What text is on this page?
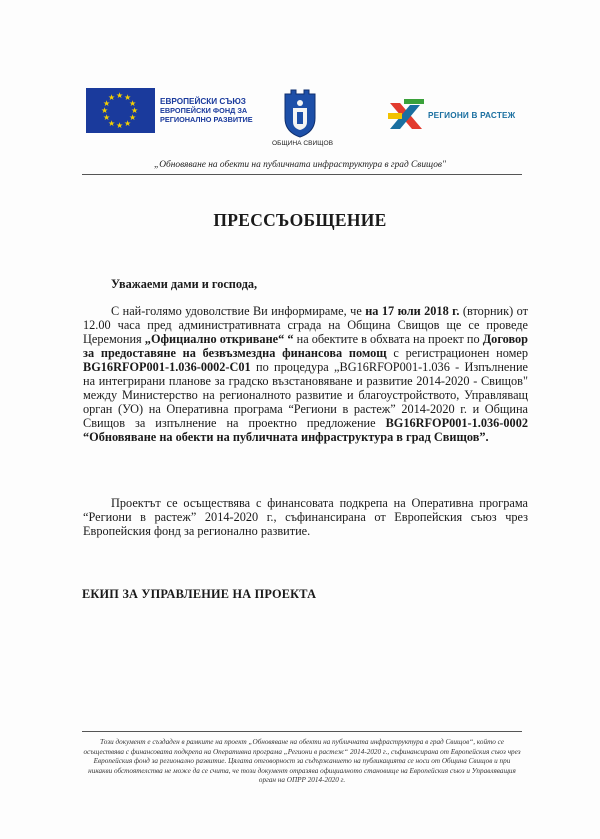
★ ★
★
★
★
★
★
★
★
★
★
★	ЕВРОПЕЙСКИ СЪЮЗ
ЕВРОПЕЙСКИ ФОНД ЗА
РЕГИОНАЛНО РАЗВИТИЕ
ОБЩИНА СВИЩОВ
РЕГИОНИ В РАСТЕЖ
„Обновяване на обекти на публичната инфраструктура в град Свищов"
ПРЕССЪОБЩЕНИЕ
Уважаеми дами и господа,
С най-голямо удоволствие Ви информираме, че на 17 юли 2018 г. (вторник) от 12.00 часа пред административната сграда на Община Свищов ще се проведе Церемония „Официално откриване“ “ на обектите в обхвата на проект по Договор за предоставяне на безвъзмездна финансова помощ с регистрационен номер BG16RFOP001-1.036-0002-C01 по процедура „BG16RFOP001-1.036 - Изпълнение на интегрирани планове за градско възстановяване и развитие 2014-2020 - Свищов" между Министерство на регионалното развитие и благоустройството, Управляващ орган (УО) на Оперативна програма “Региони в растеж” 2014-2020 г. и Община Свищов за изпълнение на проектно предложение BG16RFOP001-1.036-0002 “Обновяване на обекти на публичната инфраструктура в град Свищов”.
Проектът се осъществява с финансовата подкрепа на Оперативна програма “Региони в растеж” 2014-2020 г., съфинансирана от Европейския съюз чрез Европейския фонд за регионално развитие.
ЕКИП ЗА УПРАВЛЕНИЕ НА ПРОЕКТА
Този документ е създаден в рамките на проект „Обновяване на обекти на публичната инфраструктура в град Свищов“, който се осъществява с финансовата подкрепа на Оперативна програма „Региони в растеж“ 2014-2020 г., съфинансирана от Европейския съюз чрез Европейския фонд за регионално развитие. Цялата отговорност за съдържанието на публикацията се носи от Община Свищов и при никакви обстоятелства не може да се счита, че този документ отразява официалното становище на Европейския съюз и Управляващия орган на ОПРР 2014-2020 г.
